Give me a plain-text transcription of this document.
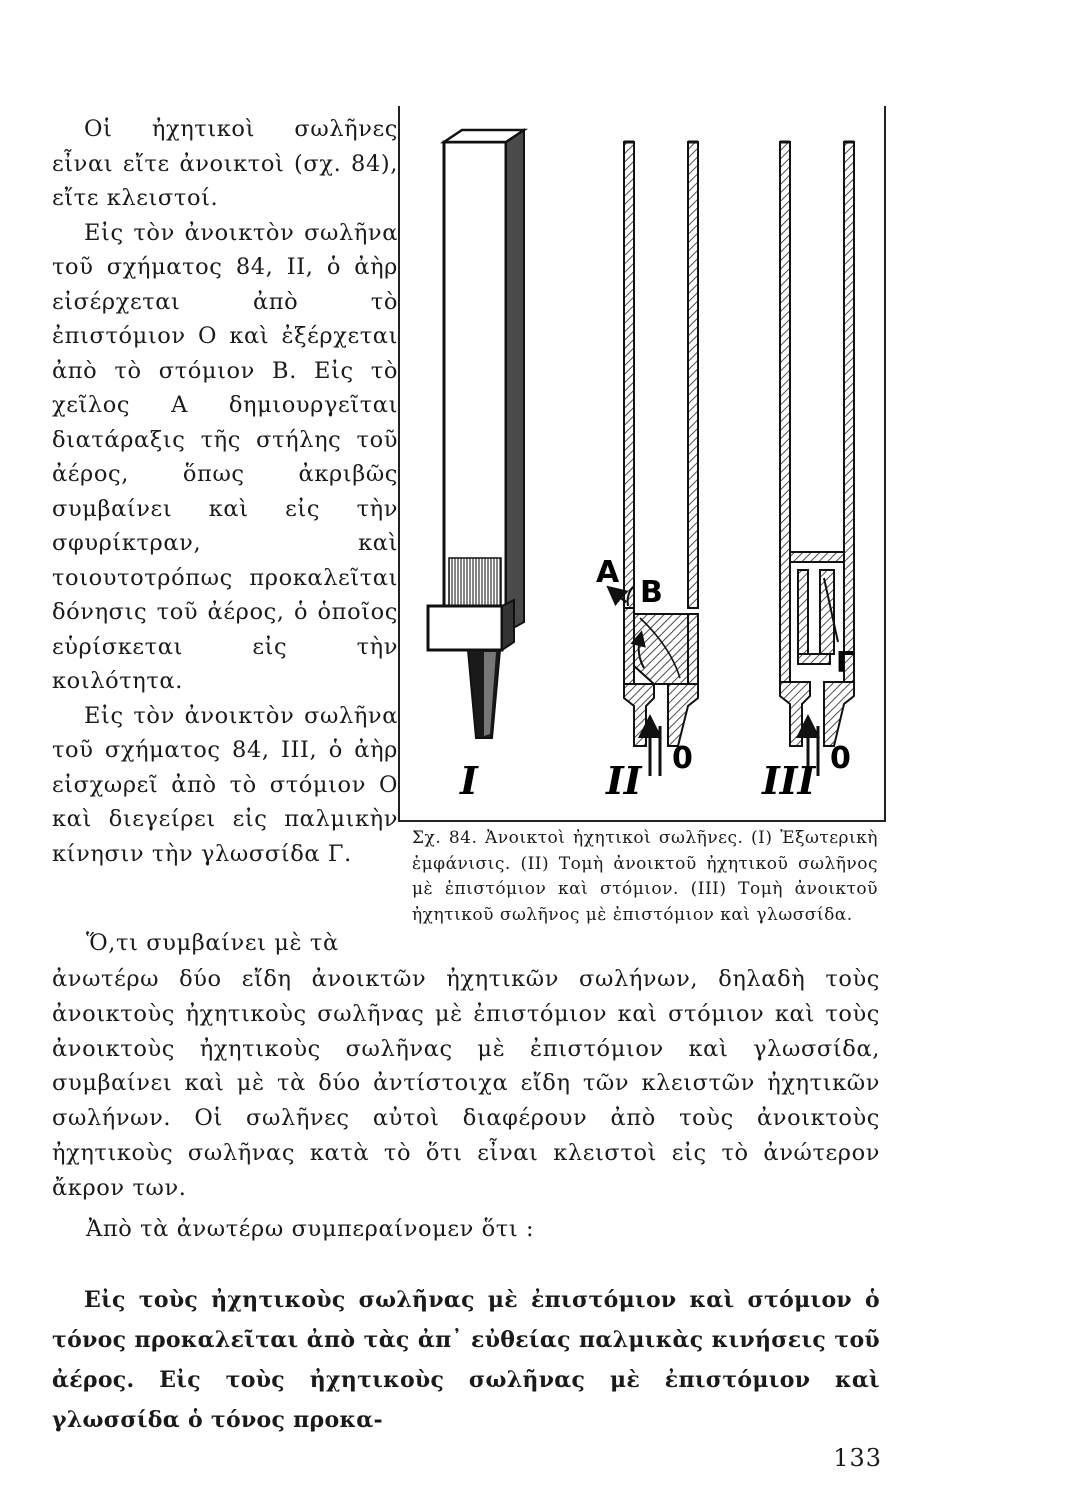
Οἱ ἠχητικοὶ σωλῆνες εἶναι εἴτε ἀνοικτοὶ (σχ. 84), εἴτε κλειστοί.

Εἰς τὸν ἀνοικτὸν σωλῆνα τοῦ σχήματος 84, II, ὁ ἀὴρ εἰσέρχεται ἀπὸ τὸ ἐπιστόμιον Ο καὶ ἐξέρχεται ἀπὸ τὸ στόμιον Β. Εἰς τὸ χεῖλος Α δημιουργεῖται διατάραξις τῆς στήλης τοῦ ἀέρος, ὅπως ἀκριβῶς συμβαίνει καὶ εἰς τὴν σφυρίκτραν, καὶ τοιουτοτρόπως προκαλεῖται δόνησις τοῦ ἀέρος, ὁ ὁποῖος εὑρίσκεται εἰς τὴν κοιλότητα.

Εἰς τὸν ἀνοικτὸν σωλῆνα τοῦ σχήματος 84, III, ὁ ἀὴρ εἰσχωρεῖ ἀπὸ τὸ στόμιον Ο καὶ διεγείρει εἰς παλμικὴν κίνησιν τὴν γλωσσίδα Γ.

I	II	III
A
B
0	0
Γ
Σχ. 84. Ἀνοικτοὶ ἠχητικοὶ σωλῆνες. (Ι) Ἐξωτερικὴ ἐμφάνισις. (ΙΙ) Τομὴ ἀνοικτοῦ ἠχητικοῦ σωλῆνος μὲ ἐπιστόμιον καὶ στόμιον. (ΙΙΙ) Τομὴ ἀνοικτοῦ ἠχητικοῦ σωλῆνος μὲ ἐπιστόμιον καὶ γλωσσίδα.
Ὅ,τι συμβαίνει μὲ τὰ

ἀνωτέρω δύο εἴδη ἀνοικτῶν ἠχητικῶν σωλήνων, δηλαδὴ τοὺς ἀνοικτοὺς ἠχητικοὺς σωλῆνας μὲ ἐπιστόμιον καὶ στόμιον καὶ τοὺς ἀνοικτοὺς ἠχητικοὺς σωλῆνας μὲ ἐπιστόμιον καὶ γλωσσίδα, συμβαίνει καὶ μὲ τὰ δύο ἀντίστοιχα εἴδη τῶν κλειστῶν ἠχητικῶν σωλήνων. Οἱ σωλῆνες αὐτοὶ διαφέρουν ἀπὸ τοὺς ἀνοικτοὺς ἠχητικοὺς σωλῆνας κατὰ τὸ ὅτι εἶναι κλειστοὶ εἰς τὸ ἀνώτερον ἄκρον των.

Ἀπὸ τὰ ἀνωτέρω συμπεραίνομεν ὅτι :

Εἰς τοὺς ἠχητικοὺς σωλῆνας μὲ ἐπιστόμιον καὶ στόμιον ὁ τόνος προκαλεῖται ἀπὸ τὰς ἀπ᾽ εὐθείας παλμικὰς κινήσεις τοῦ ἀέρος. Εἰς τοὺς ἠχητικοὺς σωλῆνας μὲ ἐπιστόμιον καὶ γλωσσίδα ὁ τόνος προκα-

133
